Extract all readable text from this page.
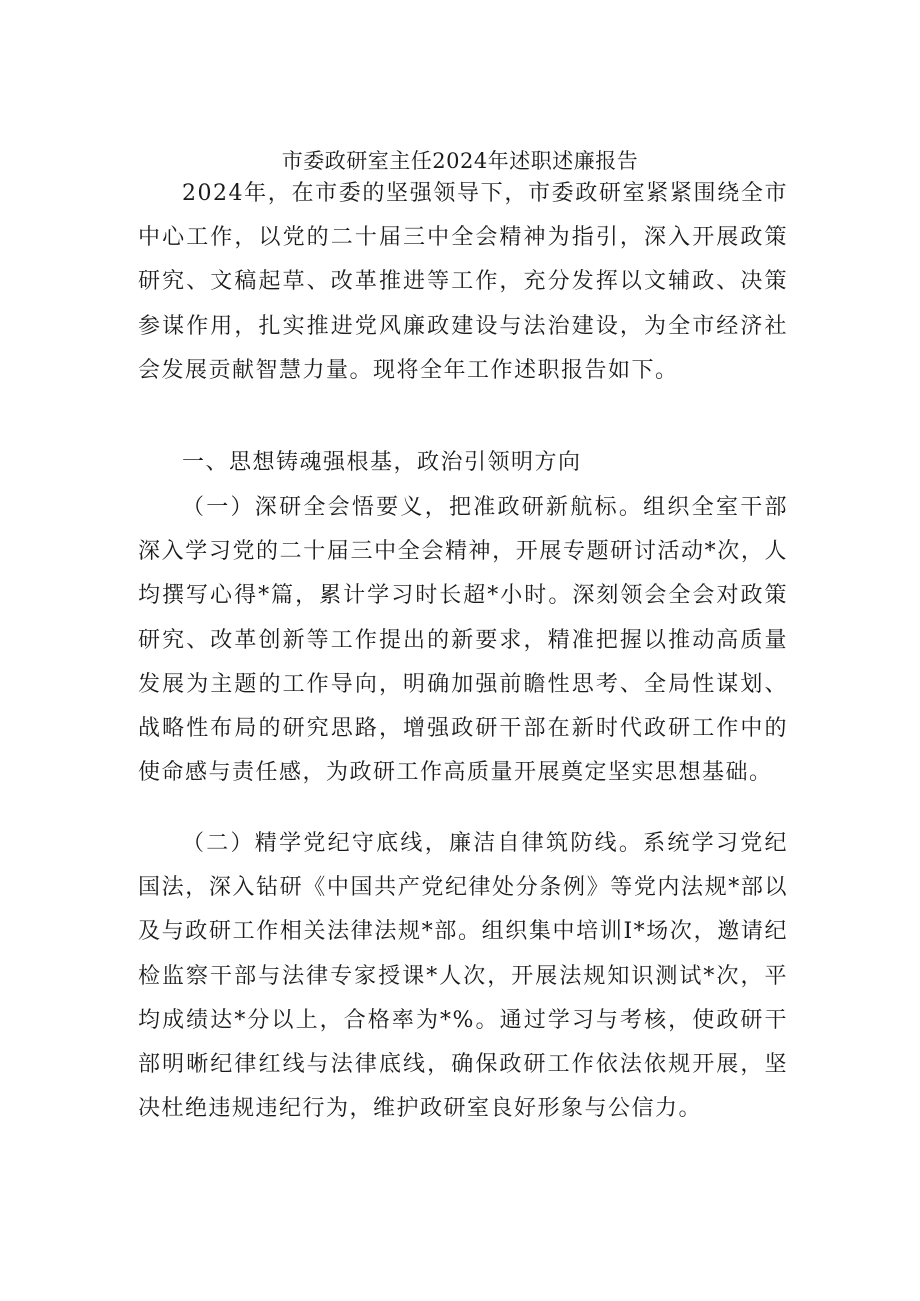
市委政研室主任2024年述职述廉报告

2024年，在市委的坚强领导下，市委政研室紧紧围绕全市中心工作，以党的二十届三中全会精神为指引，深入开展政策研究、文稿起草、改革推进等工作，充分发挥以文辅政、决策参谋作用，扎实推进党风廉政建设与法治建设，为全市经济社会发展贡献智慧力量。现将全年工作述职报告如下。

一、思想铸魂强根基，政治引领明方向

（一）深研全会悟要义，把准政研新航标。组织全室干部深入学习党的二十届三中全会精神，开展专题研讨活动*次，人均撰写心得*篇，累计学习时长超*小时。深刻领会全会对政策研究、改革创新等工作提出的新要求，精准把握以推动高质量发展为主题的工作导向，明确加强前瞻性思考、全局性谋划、战略性布局的研究思路，增强政研干部在新时代政研工作中的使命感与责任感，为政研工作高质量开展奠定坚实思想基础。

（二）精学党纪守底线，廉洁自律筑防线。系统学习党纪国法，深入钻研《中国共产党纪律处分条例》等党内法规*部以及与政研工作相关法律法规*部。组织集中培训I*场次，邀请纪检监察干部与法律专家授课*人次，开展法规知识测试*次，平均成绩达*分以上，合格率为*%。通过学习与考核，使政研干部明晰纪律红线与法律底线，确保政研工作依法依规开展，坚决杜绝违规违纪行为，维护政研室良好形象与公信力。
